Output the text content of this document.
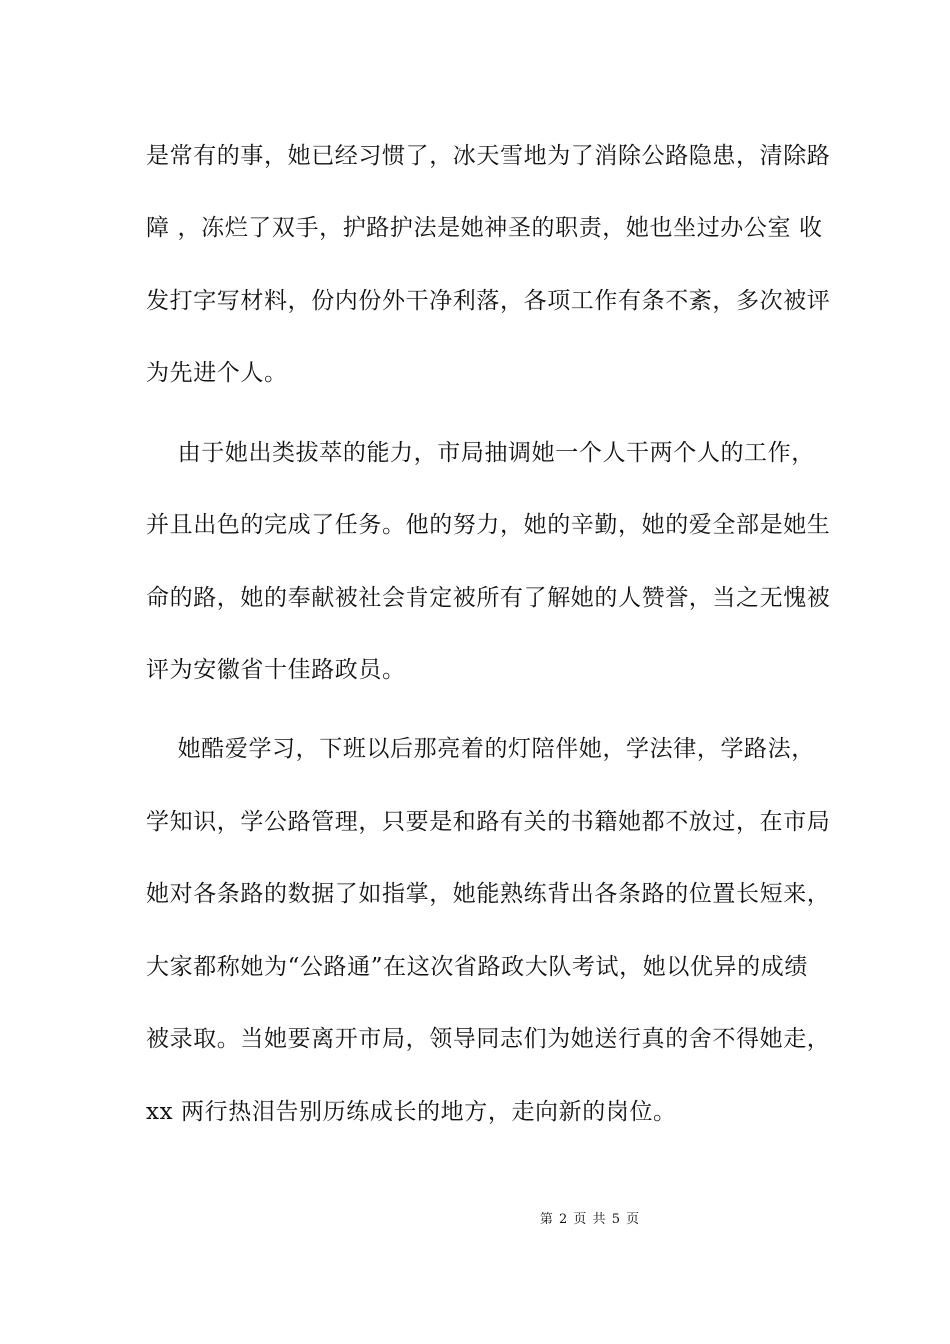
是常有的事，她已经习惯了，冰天雪地为了消除公路隐患，清除路
障 ，冻烂了双手，护路护法是她神圣的职责，她也坐过办公室 收
发打字写材料，份内份外干净利落，各项工作有条不紊，多次被评
为先进个人。
由于她出类拔萃的能力，市局抽调她一个人干两个人的工作，
并且出色的完成了任务。他的努力，她的辛勤，她的爱全部是她生
命的路，她的奉献被社会肯定被所有了解她的人赞誉，当之无愧被
评为安徽省十佳路政员。
她酷爱学习，下班以后那亮着的灯陪伴她，学法律，学路法，
学知识，学公路管理，只要是和路有关的书籍她都不放过，在市局
她对各条路的数据了如指掌，她能熟练背出各条路的位置长短来，
大家都称她为“公路通”在这次省路政大队考试，她以优异的成绩
被录取。当她要离开市局，领导同志们为她送行真的舍不得她走，
xx 两行热泪告别历练成长的地方，走向新的岗位。
第 2 页 共 5 页
